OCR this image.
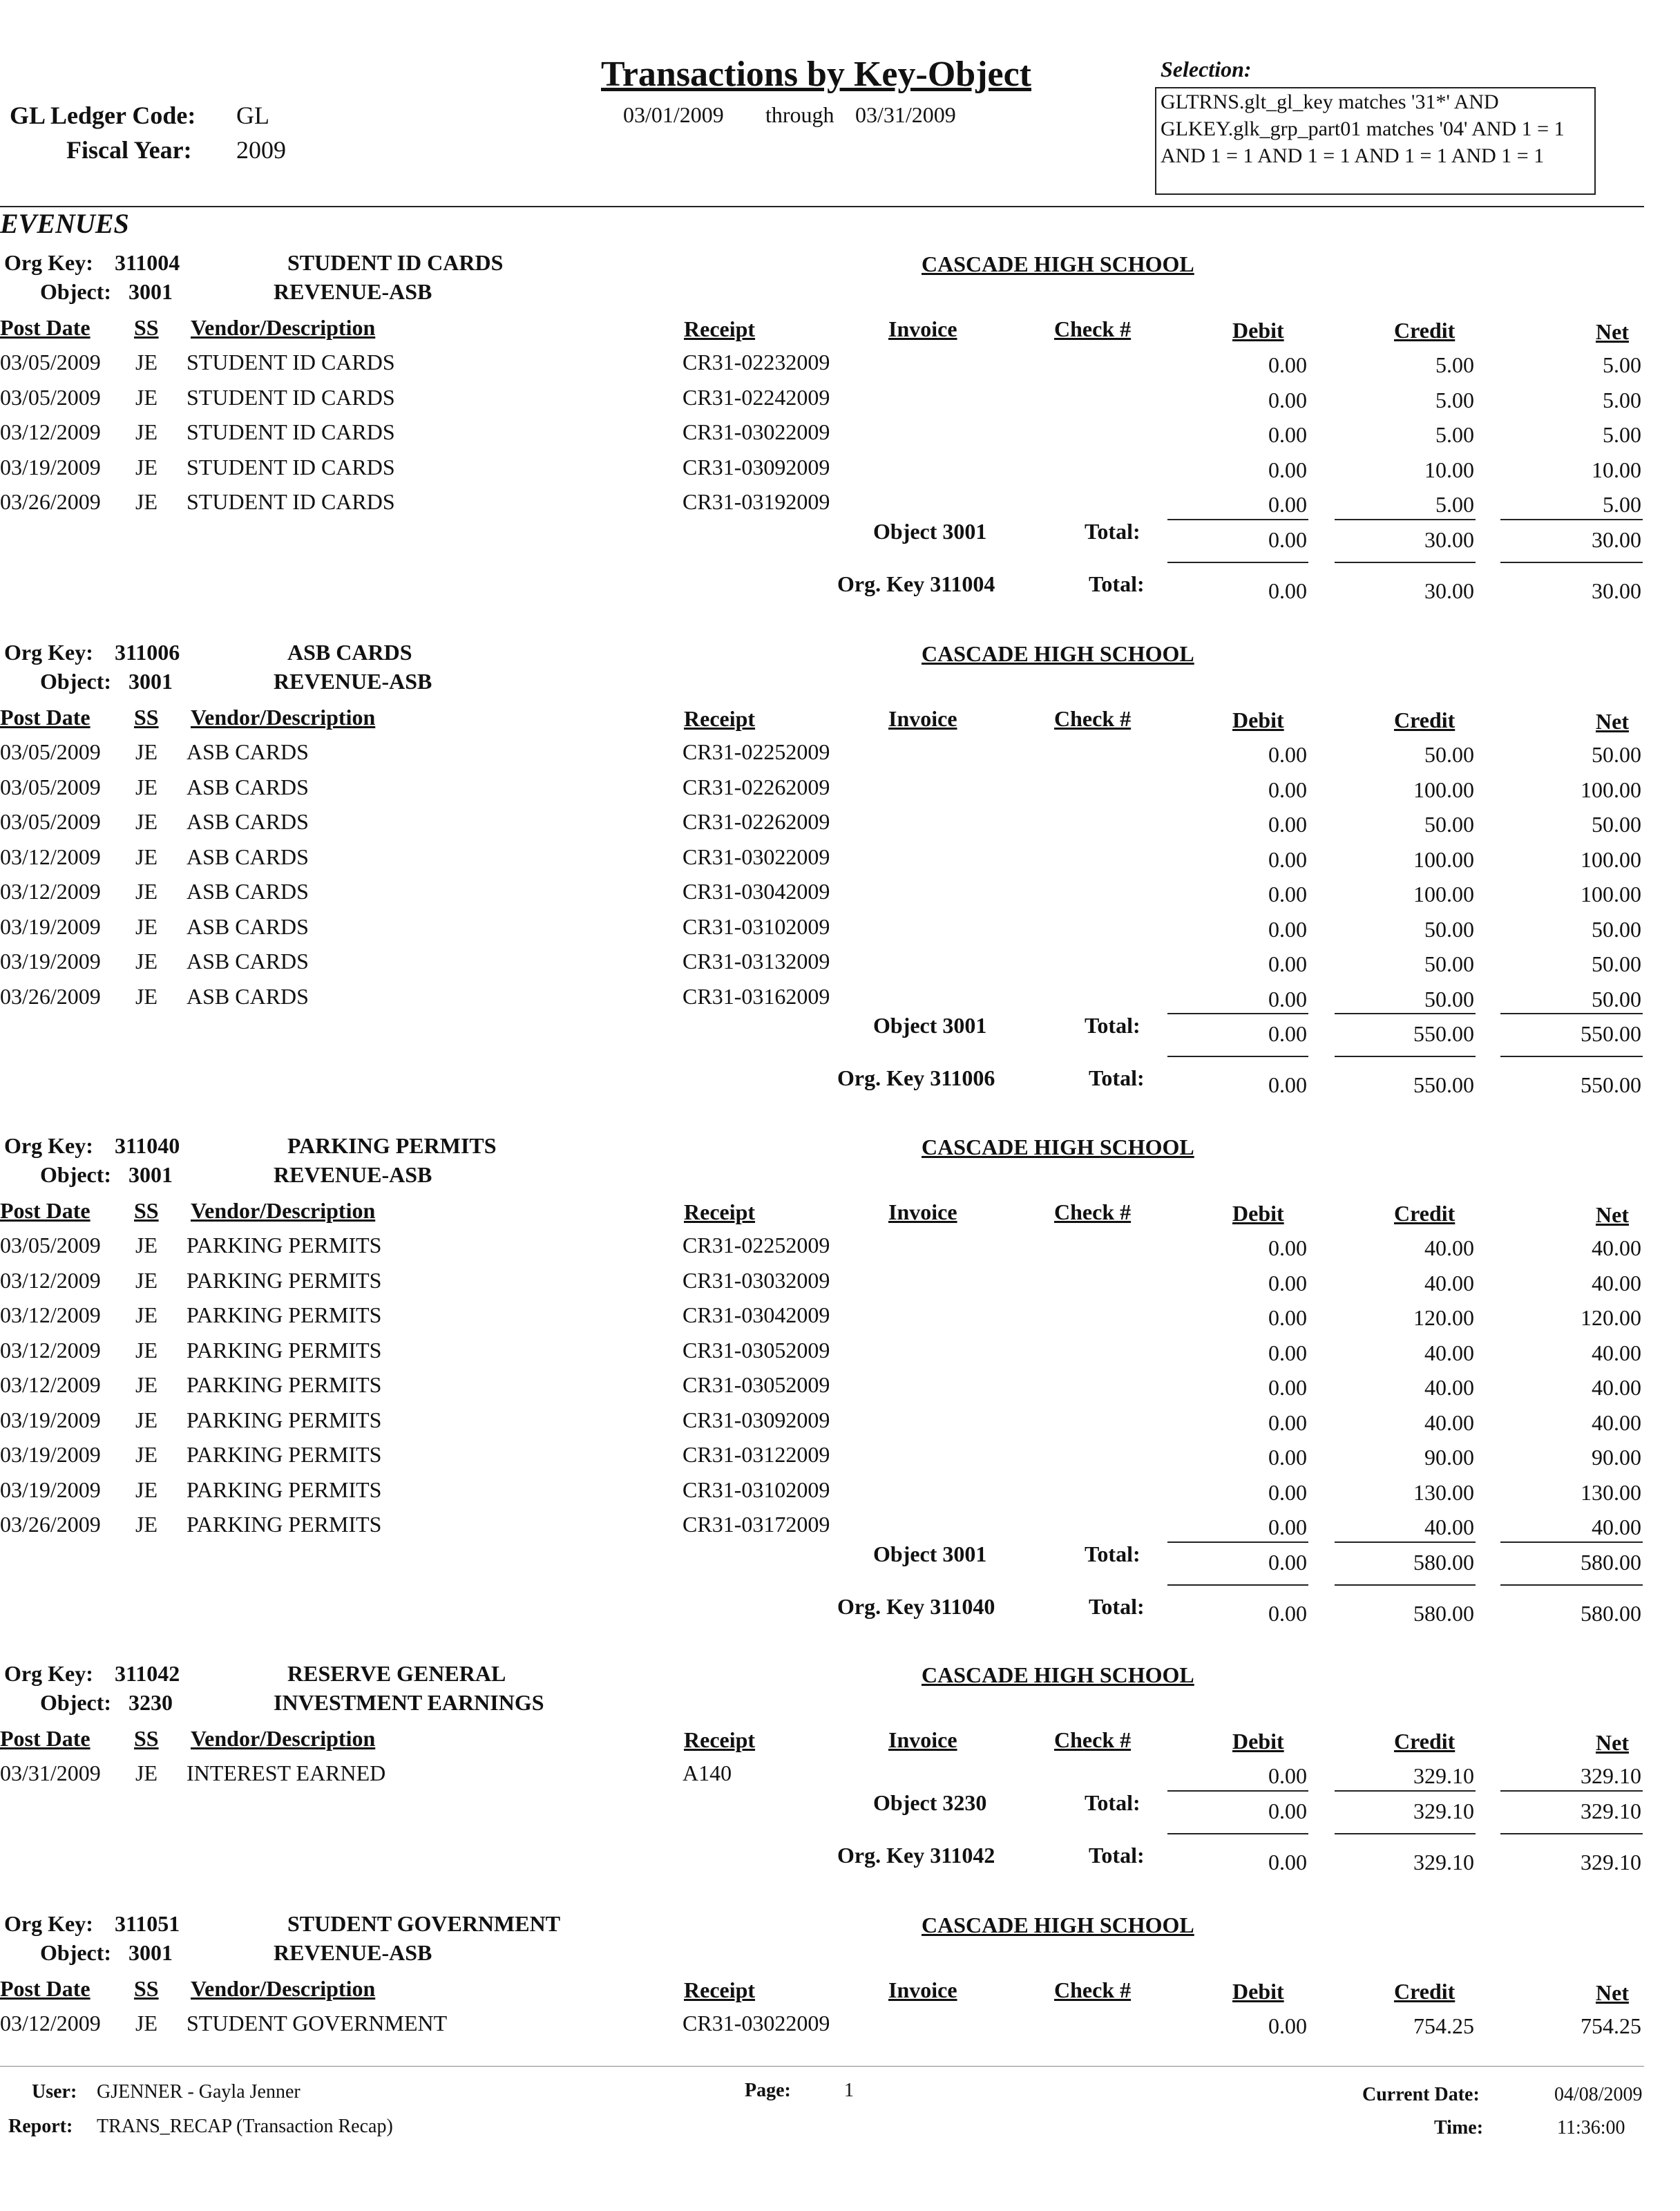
Transactions by Key-Object
03/01/2009 through 03/31/2009
GL Ledger Code: GL
Fiscal Year: 2009
Selection:
GLTRNS.glt_gl_key matches '31*' AND GLKEY.glk_grp_part01 matches '04' AND 1 = 1 AND 1 = 1 AND 1 = 1 AND 1 = 1 AND 1 = 1
EVENUES
Org Key: 311004	STUDENT ID CARDS
Object: 3001	REVENUE-ASB
CASCADE HIGH SCHOOL
Post Date SS Vendor/Description	Receipt	Invoice	Check #	Debit	Credit	Net
03/05/2009 JE STUDENT ID CARDS	CR31-02232009	0.00	5.00	5.00
03/05/2009 JE STUDENT ID CARDS	CR31-02242009	0.00	5.00	5.00
03/12/2009 JE STUDENT ID CARDS	CR31-03022009	0.00	5.00	5.00
03/19/2009 JE STUDENT ID CARDS	CR31-03092009	0.00	10.00	10.00
03/26/2009 JE STUDENT ID CARDS	CR31-03192009	0.00	5.00	5.00
Object 3001	Total:	0.00	30.00	30.00
Org. Key 311004	Total:	0.00	30.00	30.00
Org Key: 311006	ASB CARDS
Object: 3001	REVENUE-ASB
CASCADE HIGH SCHOOL
Post Date SS Vendor/Description	Receipt	Invoice	Check #	Debit	Credit	Net
03/05/2009 JE ASB CARDS	CR31-02252009	0.00	50.00	50.00
03/05/2009 JE ASB CARDS	CR31-02262009	0.00	100.00	100.00
03/05/2009 JE ASB CARDS	CR31-02262009	0.00	50.00	50.00
03/12/2009 JE ASB CARDS	CR31-03022009	0.00	100.00	100.00
03/12/2009 JE ASB CARDS	CR31-03042009	0.00	100.00	100.00
03/19/2009 JE ASB CARDS	CR31-03102009	0.00	50.00	50.00
03/19/2009 JE ASB CARDS	CR31-03132009	0.00	50.00	50.00
03/26/2009 JE ASB CARDS	CR31-03162009	0.00	50.00	50.00
Object 3001	Total:	0.00	550.00	550.00
Org. Key 311006	Total:	0.00	550.00	550.00
Org Key: 311040	PARKING PERMITS
Object: 3001	REVENUE-ASB
CASCADE HIGH SCHOOL
Post Date SS Vendor/Description	Receipt	Invoice	Check #	Debit	Credit	Net
03/05/2009 JE PARKING PERMITS	CR31-02252009	0.00	40.00	40.00
03/12/2009 JE PARKING PERMITS	CR31-03032009	0.00	40.00	40.00
03/12/2009 JE PARKING PERMITS	CR31-03042009	0.00	120.00	120.00
03/12/2009 JE PARKING PERMITS	CR31-03052009	0.00	40.00	40.00
03/12/2009 JE PARKING PERMITS	CR31-03052009	0.00	40.00	40.00
03/19/2009 JE PARKING PERMITS	CR31-03092009	0.00	40.00	40.00
03/19/2009 JE PARKING PERMITS	CR31-03122009	0.00	90.00	90.00
03/19/2009 JE PARKING PERMITS	CR31-03102009	0.00	130.00	130.00
03/26/2009 JE PARKING PERMITS	CR31-03172009	0.00	40.00	40.00
Object 3001	Total:	0.00	580.00	580.00
Org. Key 311040	Total:	0.00	580.00	580.00
Org Key: 311042	RESERVE GENERAL
Object: 3230	INVESTMENT EARNINGS
CASCADE HIGH SCHOOL
Post Date SS Vendor/Description	Receipt	Invoice	Check #	Debit	Credit	Net
03/31/2009 JE INTEREST EARNED	A140	0.00	329.10	329.10
Object 3230	Total:	0.00	329.10	329.10
Org. Key 311042	Total:	0.00	329.10	329.10
Org Key: 311051	STUDENT GOVERNMENT
Object: 3001	REVENUE-ASB
CASCADE HIGH SCHOOL
Post Date SS Vendor/Description	Receipt	Invoice	Check #	Debit	Credit	Net
03/12/2009 JE STUDENT GOVERNMENT	CR31-03022009	0.00	754.25	754.25
User: GJENNER - Gayla Jenner
Report: TRANS_RECAP (Transaction Recap)
Page:	1	Current Date:	04/08/2009
Time:	11:36:00
